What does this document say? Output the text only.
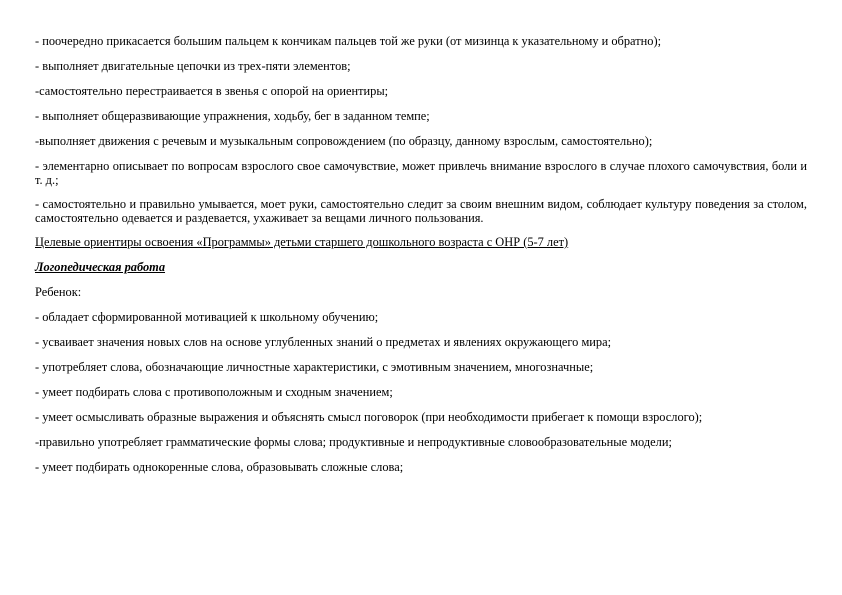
- поочередно прикасается большим пальцем к кончикам пальцев той же руки (от мизинца к указательному и обратно);
- выполняет двигательные цепочки из трех-пяти элементов;
-самостоятельно перестраивается в звенья с опорой на ориентиры;
- выполняет общеразвивающие упражнения, ходьбу, бег в заданном темпе;
-выполняет движения с речевым и музыкальным сопровождением (по образцу, данному взрослым, самостоятельно);
- элементарно описывает по вопросам взрослого свое самочувствие, может привлечь внимание взрослого в случае плохого самочувствия, боли и т. д.;
- самостоятельно и правильно умывается, моет руки, самостоятельно следит за своим внешним видом, соблюдает культуру поведения за столом, самостоятельно одевается и раздевается, ухаживает за вещами личного пользования.
Целевые ориентиры освоения «Программы» детьми старшего дошкольного возраста с ОНР (5-7 лет)
Логопедическая работа
Ребенок:
- обладает сформированной мотивацией к школьному обучению;
- усваивает значения новых слов на основе углубленных знаний о предметах и явлениях окружающего мира;
- употребляет слова, обозначающие личностные характеристики, с эмотивным значением, многозначные;
- умеет подбирать слова с противоположным и сходным значением;
- умеет осмысливать образные выражения и объяснять смысл поговорок (при необходимости прибегает к помощи взрослого);
-правильно употребляет грамматические формы слова; продуктивные и непродуктивные словообразовательные модели;
- умеет подбирать однокоренные слова, образовывать сложные слова;
